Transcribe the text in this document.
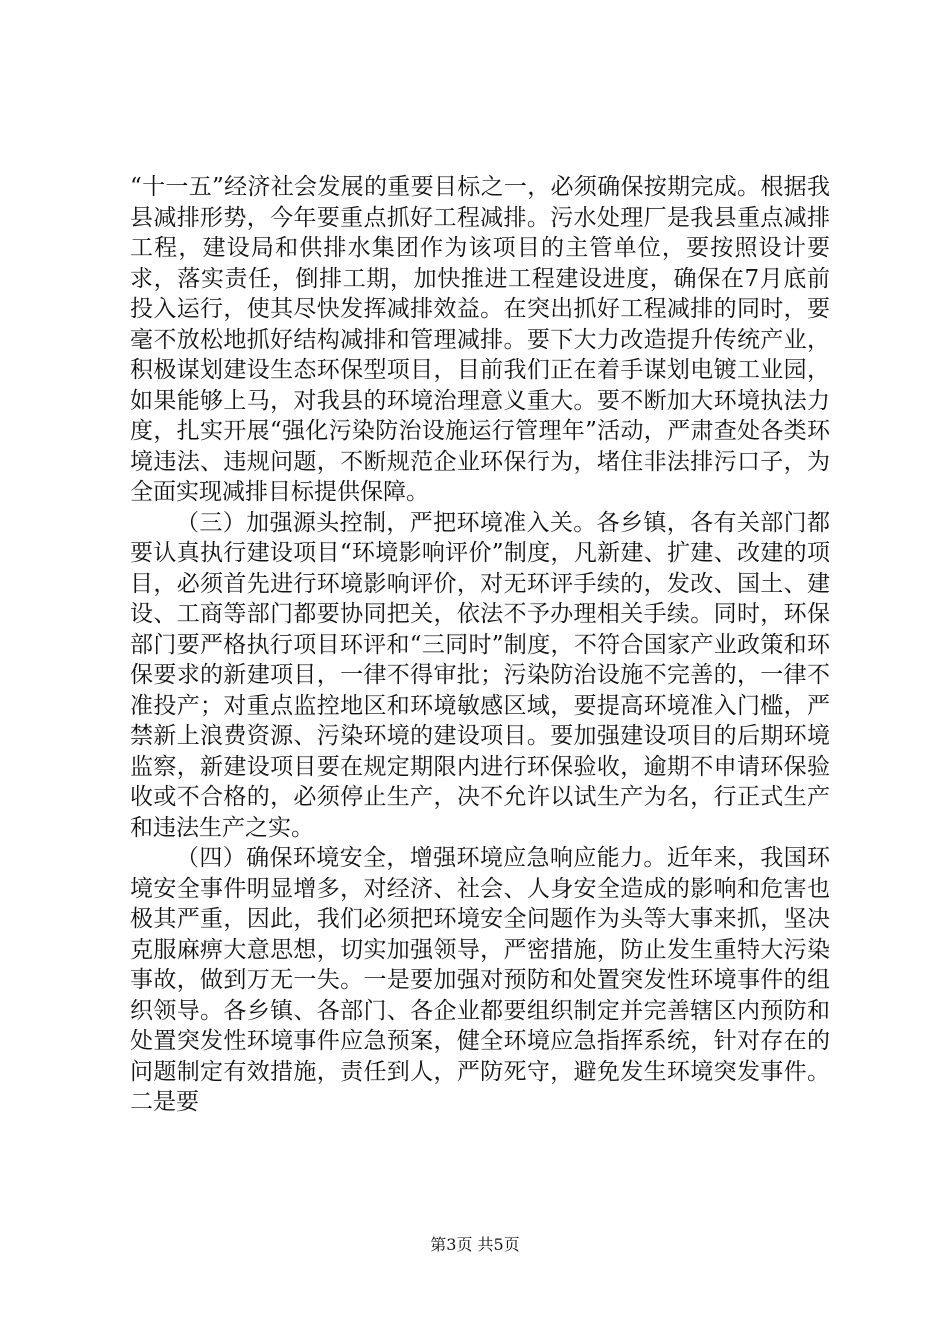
“十一五”经济社会发展的重要目标之一，必须确保按期完成。根据我县减排形势，今年要重点抓好工程减排。污水处理厂是我县重点减排工程，建设局和供排水集团作为该项目的主管单位，要按照设计要求，落实责任，倒排工期，加快推进工程建设进度，确保在7月底前投入运行，使其尽快发挥减排效益。在突出抓好工程减排的同时，要毫不放松地抓好结构减排和管理减排。要下大力改造提升传统产业，积极谋划建设生态环保型项目，目前我们正在着手谋划电镀工业园，如果能够上马，对我县的环境治理意义重大。要不断加大环境执法力度，扎实开展“强化污染防治设施运行管理年”活动，严肃查处各类环境违法、违规问题，不断规范企业环保行为，堵住非法排污口子，为全面实现减排目标提供保障。

（三）加强源头控制，严把环境准入关。各乡镇，各有关部门都要认真执行建设项目“环境影响评价”制度，凡新建、扩建、改建的项目，必须首先进行环境影响评价，对无环评手续的，发改、国土、建设、工商等部门都要协同把关，依法不予办理相关手续。同时，环保部门要严格执行项目环评和“三同时”制度，不符合国家产业政策和环保要求的新建项目，一律不得审批；污染防治设施不完善的，一律不准投产；对重点监控地区和环境敏感区域，要提高环境准入门槛，严禁新上浪费资源、污染环境的建设项目。要加强建设项目的后期环境监察，新建设项目要在规定期限内进行环保验收，逾期不申请环保验收或不合格的，必须停止生产，决不允许以试生产为名，行正式生产和违法生产之实。

（四）确保环境安全，增强环境应急响应能力。近年来，我国环境安全事件明显增多，对经济、社会、人身安全造成的影响和危害也极其严重，因此，我们必须把环境安全问题作为头等大事来抓，坚决克服麻痹大意思想，切实加强领导，严密措施，防止发生重特大污染事故，做到万无一失。一是要加强对预防和处置突发性环境事件的组织领导。各乡镇、各部门、各企业都要组织制定并完善辖区内预防和处置突发性环境事件应急预案，健全环境应急指挥系统，针对存在的问题制定有效措施，责任到人，严防死守，避免发生环境突发事件。二是要

第3页 共5页
